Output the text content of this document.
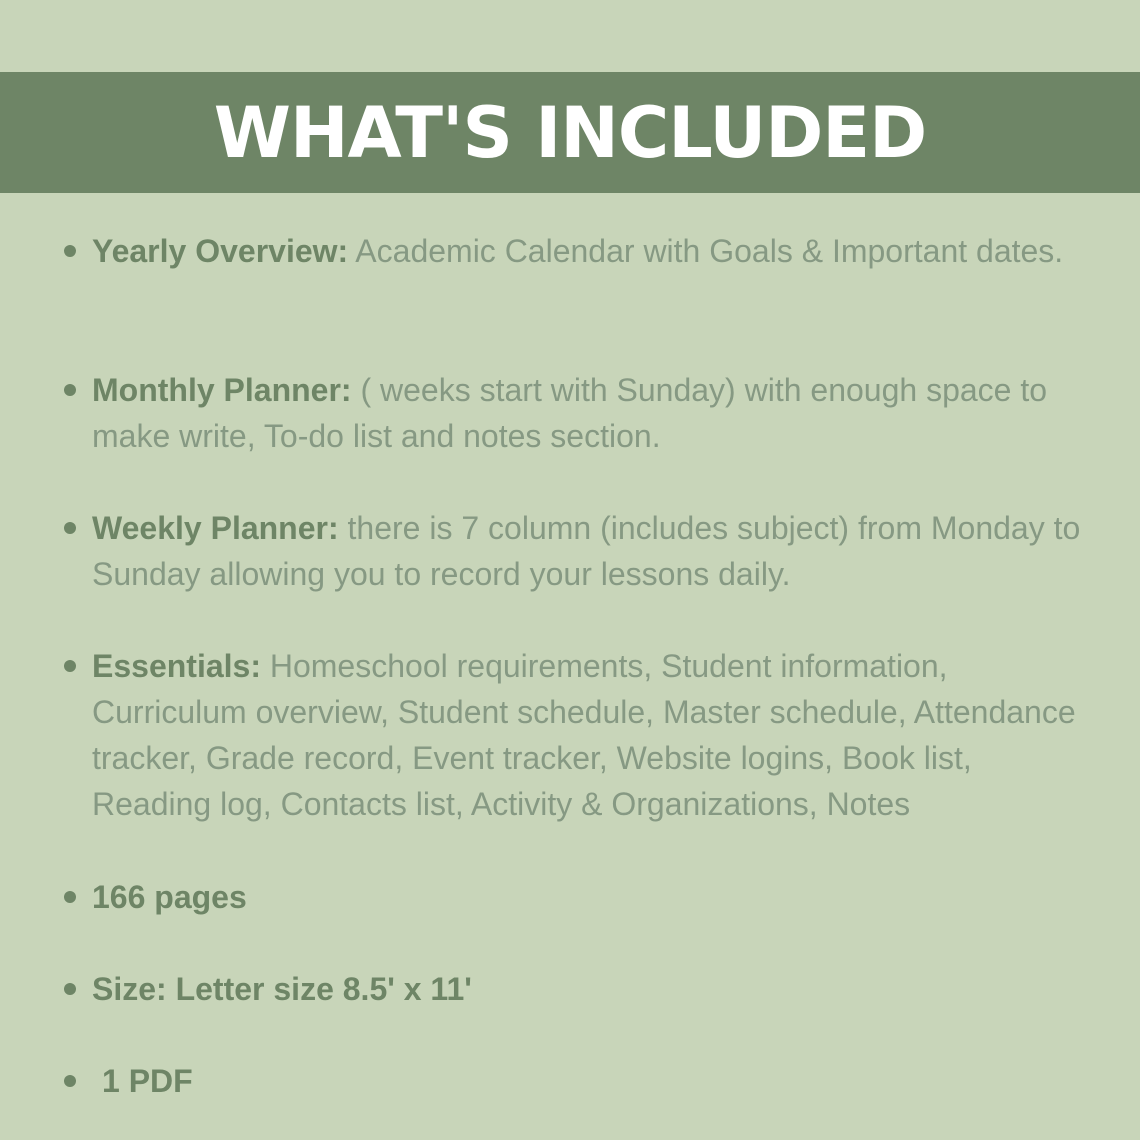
WHAT'S INCLUDED
Yearly Overview: Academic Calendar with Goals & Important dates.
Monthly Planner: ( weeks start with Sunday) with enough space to make write, To-do list and notes section.
Weekly Planner: there is 7 column (includes subject) from Monday to Sunday allowing you to record your lessons daily.
Essentials: Homeschool requirements, Student information, Curriculum overview, Student schedule, Master schedule, Attendance tracker, Grade record, Event tracker, Website logins, Book list, Reading log, Contacts list, Activity & Organizations, Notes
166 pages
Size: Letter size 8.5' x 11'
1 PDF
